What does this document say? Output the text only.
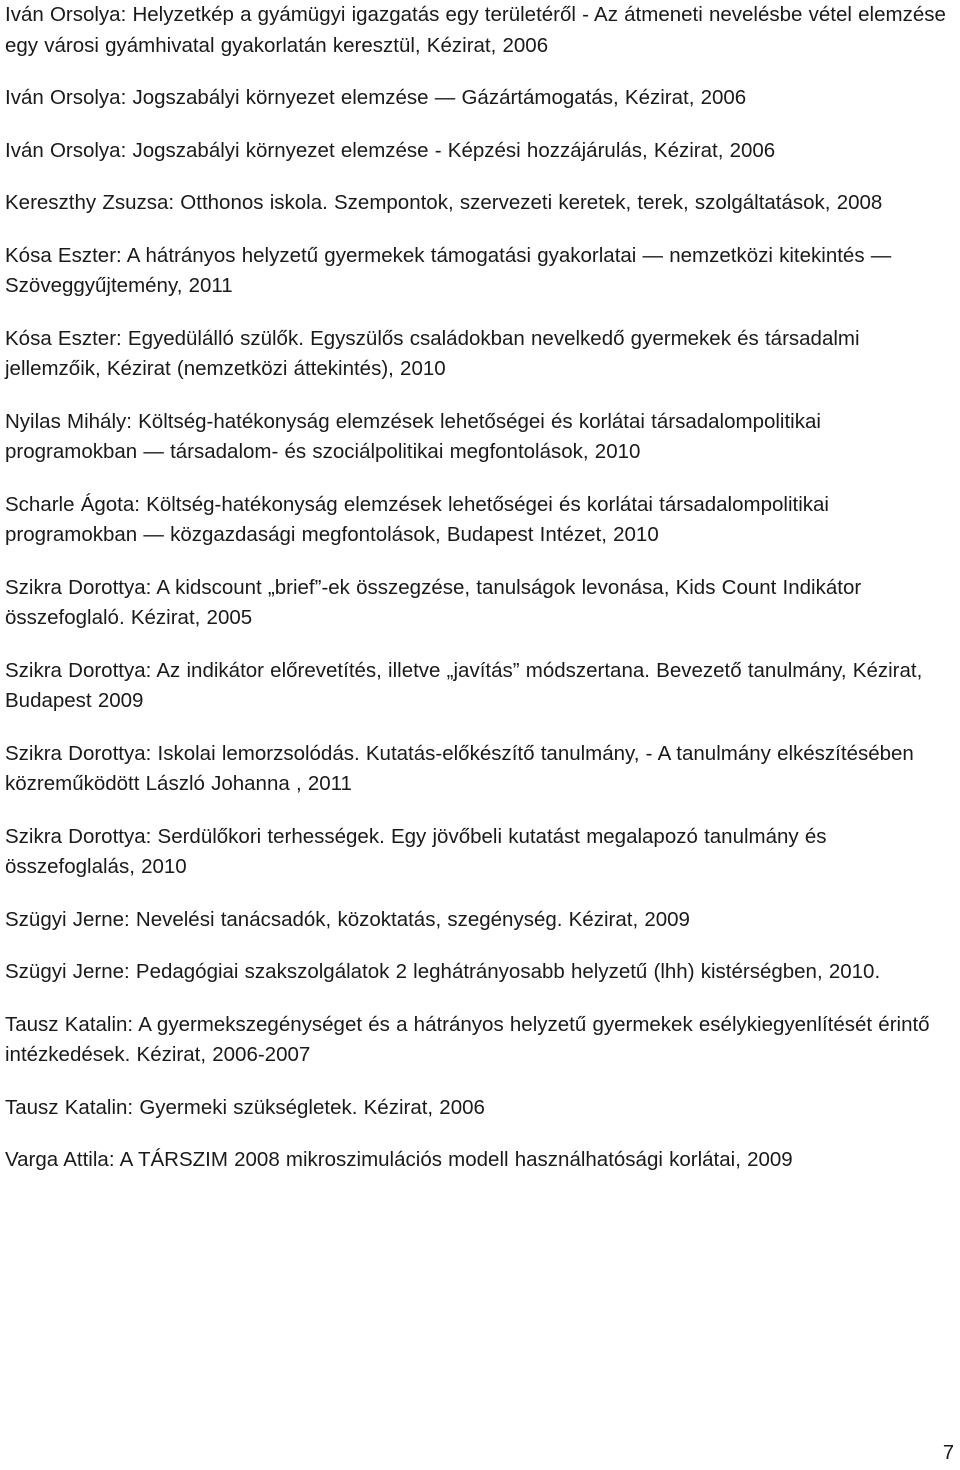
Iván Orsolya: Helyzetkép a gyámügyi igazgatás egy területéről - Az átmeneti nevelésbe vétel elemzése egy városi gyámhivatal gyakorlatán keresztül, Kézirat, 2006
Iván Orsolya: Jogszabályi környezet elemzése — Gázártámogatás, Kézirat, 2006
Iván Orsolya: Jogszabályi környezet elemzése - Képzési hozzájárulás, Kézirat, 2006
Kereszthy Zsuzsa: Otthonos iskola. Szempontok, szervezeti keretek, terek, szolgáltatások, 2008
Kósa Eszter: A hátrányos helyzetű gyermekek támogatási gyakorlatai — nemzetközi kitekintés — Szöveggyűjtemény, 2011
Kósa Eszter: Egyedülálló szülők. Egyszülős családokban nevelkedő gyermekek és társadalmi jellemzőik, Kézirat (nemzetközi áttekintés), 2010
Nyilas Mihály: Költség-hatékonyság elemzések lehetőségei és korlátai társadalompolitikai programokban — társadalom- és szociálpolitikai megfontolások, 2010
Scharle Ágota: Költség-hatékonyság elemzések lehetőségei és korlátai társadalompolitikai programokban — közgazdasági megfontolások, Budapest Intézet, 2010
Szikra Dorottya: A kidscount „brief”-ek összegzése, tanulságok levonása, Kids Count Indikátor összefoglaló. Kézirat, 2005
Szikra Dorottya: Az indikátor előrevetítés, illetve „javítás” módszertana. Bevezető tanulmány, Kézirat, Budapest 2009
Szikra Dorottya: Iskolai lemorzsolódás. Kutatás-előkészítő tanulmány, - A tanulmány elkészítésében közreműködött László Johanna , 2011
Szikra Dorottya: Serdülőkori terhességek. Egy jövőbeli kutatást megalapozó tanulmány és összefoglalás, 2010
Szügyi Jerne: Nevelési tanácsadók, közoktatás, szegénység. Kézirat, 2009
Szügyi Jerne: Pedagógiai szakszolgálatok 2 leghátrányosabb helyzetű (lhh) kistérségben, 2010.
Tausz Katalin: A gyermekszegénységet és a hátrányos helyzetű gyermekek esélykiegyenlítését érintő intézkedések. Kézirat, 2006-2007
Tausz Katalin: Gyermeki szükségletek. Kézirat, 2006
Varga Attila: A TÁRSZIM 2008 mikroszimulációs modell használhatósági korlátai, 2009
7
